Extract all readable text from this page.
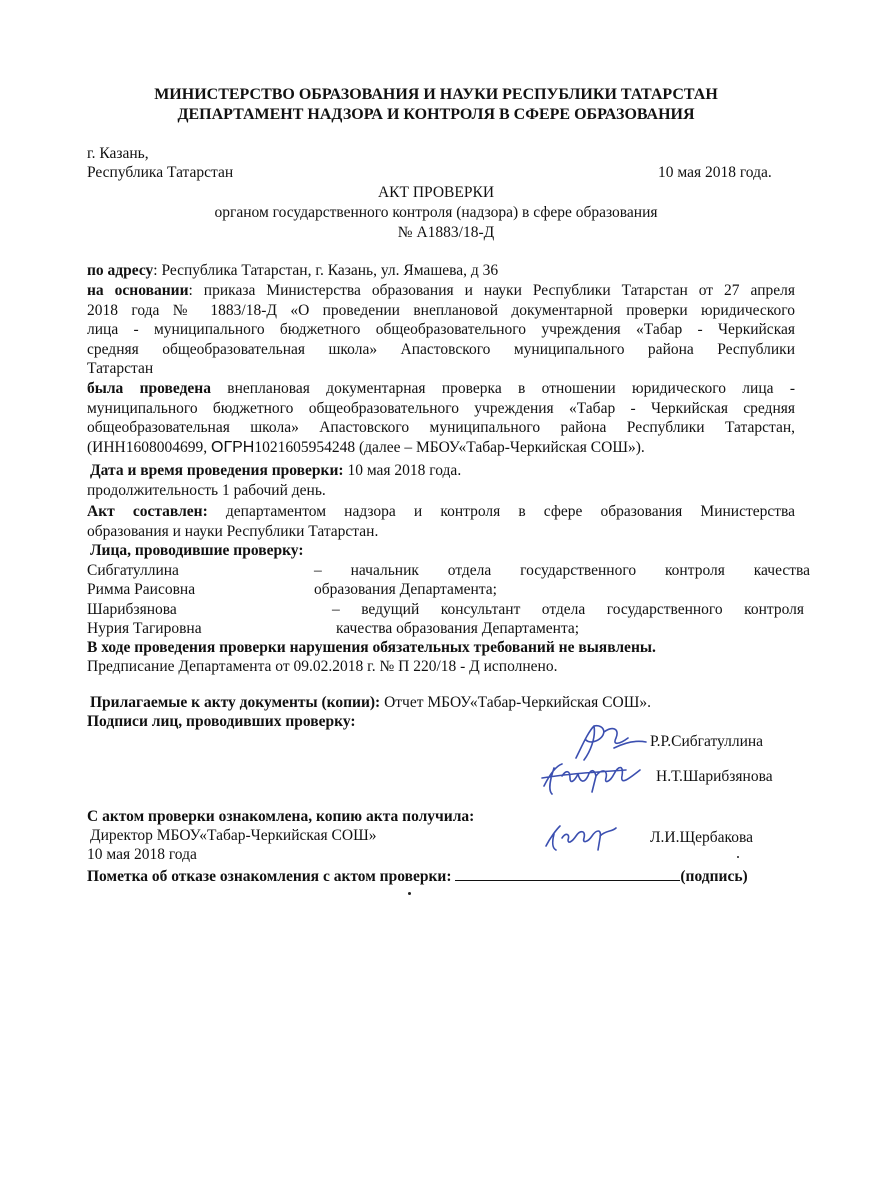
МИНИСТЕРСТВО ОБРАЗОВАНИЯ И НАУКИ РЕСПУБЛИКИ ТАТАРСТАН
ДЕПАРТАМЕНТ НАДЗОРА И КОНТРОЛЯ В СФЕРЕ ОБРАЗОВАНИЯ
г. Казань,
Республика Татарстан	10 мая 2018 года.
АКТ ПРОВЕРКИ
органом государственного контроля (надзора) в сфере образования
№ А1883/18-Д
по адресу: Республика Татарстан, г. Казань, ул. Ямашева, д 36
на основании: приказа Министерства образования и науки Республики Татарстан от 27 апреля
2018 года № 1883/18-Д «О проведении внеплановой документарной проверки юридического
лица - муниципального бюджетного общеобразовательного учреждения «Табар - Черкийская
средняя общеобразовательная школа» Апастовского муниципального района Республики
Татарстан
была проведена внеплановая документарная проверка в отношении юридического лица -
муниципального бюджетного общеобразовательного учреждения «Табар - Черкийская средняя
общеобразовательная школа» Апастовского муниципального района Республики Татарстан,
(ИНН1608004699, ОГРН1021605954248 (далее – МБОУ«Табар-Черкийская СОШ»).
Дата и время проведения проверки: 10 мая 2018 года.
продолжительность 1 рабочий день.
Акт составлен: департаментом надзора и контроля в сфере образования Министерства
образования и науки Республики Татарстан.
Лица, проводившие проверку:
Сибгатуллина
Римма Раисовна
– начальник отдела государственного контроля качества
образования Департамента;
Шарибзянова
Нурия Тагировна
– ведущий консультант отдела государственного контроля
качества образования Департамента;
В ходе проведения проверки нарушения обязательных требований не выявлены.
Предписание Департамента от 09.02.2018 г. № П 220/18 - Д исполнено.
Прилагаемые к акту документы (копии): Отчет МБОУ«Табар-Черкийская СОШ».
Подписи лиц, проводивших проверку:
Р.Р.Сибгатуллина
Н.Т.Шарибзянова
С актом проверки ознакомлена, копию акта получила:
Директор МБОУ«Табар-Черкийская СОШ»
10 мая 2018 года
Л.И.Щербакова
Пометка об отказе ознакомления с актом проверки:	(подпись)
